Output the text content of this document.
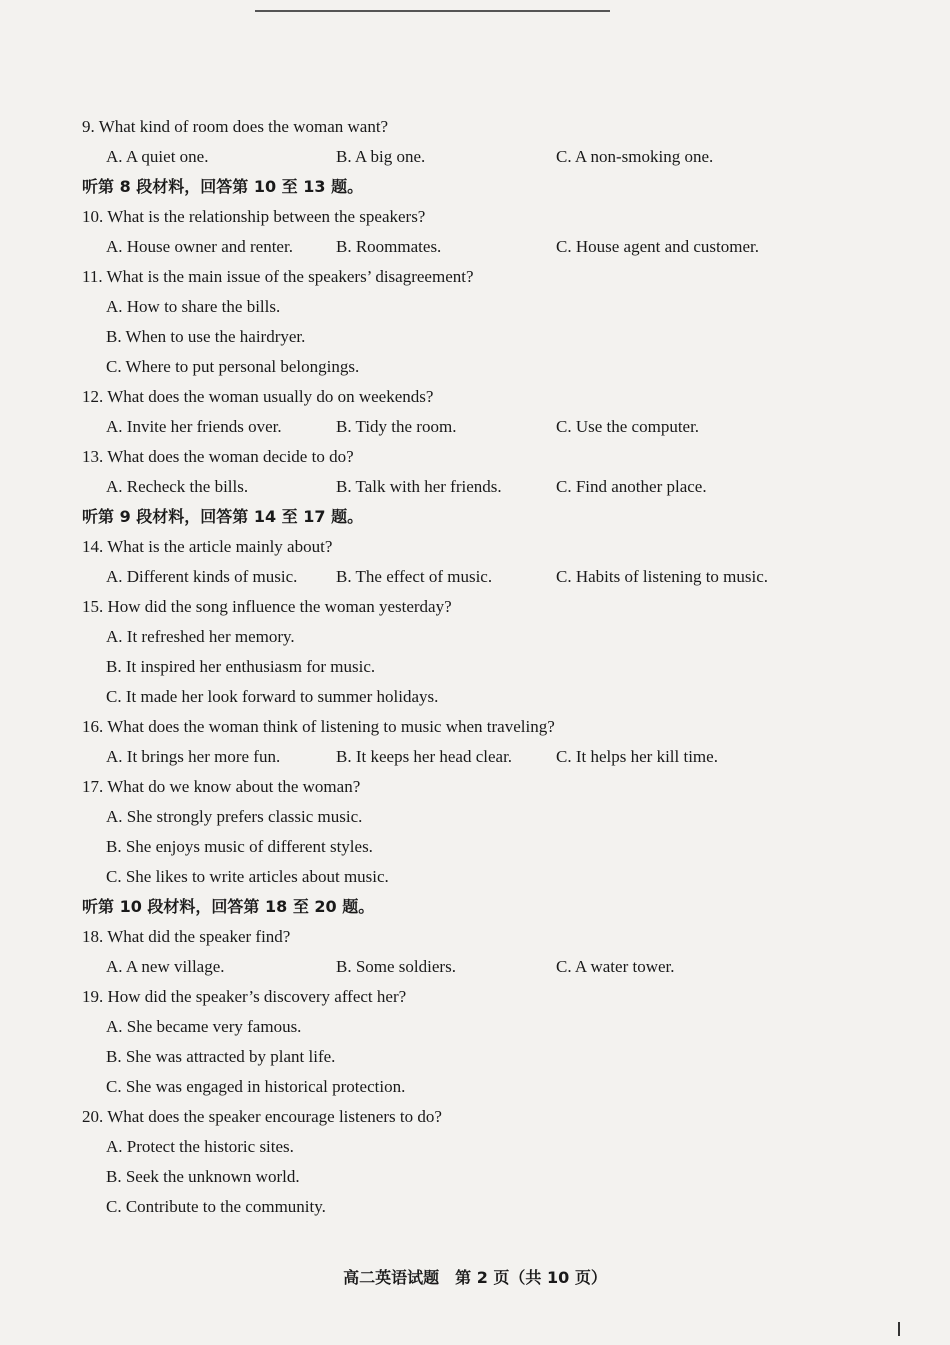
9. What kind of room does the woman want?
A. A quiet one.	B. A big one.	C. A non-smoking one.
听第 8 段材料，回答第 10 至 13 题。
10. What is the relationship between the speakers?
A. House owner and renter.	B. Roommates.	C. House agent and customer.
11. What is the main issue of the speakers’ disagreement?
A. How to share the bills.
B. When to use the hairdryer.
C. Where to put personal belongings.
12. What does the woman usually do on weekends?
A. Invite her friends over.	B. Tidy the room.	C. Use the computer.
13. What does the woman decide to do?
A. Recheck the bills.	B. Talk with her friends.	C. Find another place.
听第 9 段材料，回答第 14 至 17 题。
14. What is the article mainly about?
A. Different kinds of music.	B. The effect of music.	C. Habits of listening to music.
15. How did the song influence the woman yesterday?
A. It refreshed her memory.
B. It inspired her enthusiasm for music.
C. It made her look forward to summer holidays.
16. What does the woman think of listening to music when traveling?
A. It brings her more fun.	B. It keeps her head clear.	C. It helps her kill time.
17. What do we know about the woman?
A. She strongly prefers classic music.
B. She enjoys music of different styles.
C. She likes to write articles about music.
听第 10 段材料，回答第 18 至 20 题。
18. What did the speaker find?
A. A new village.	B. Some soldiers.	C. A water tower.
19. How did the speaker’s discovery affect her?
A. She became very famous.
B. She was attracted by plant life.
C. She was engaged in historical protection.
20. What does the speaker encourage listeners to do?
A. Protect the historic sites.
B. Seek the unknown world.
C. Contribute to the community.
高二英语试题　第 2 页（共 10 页）
